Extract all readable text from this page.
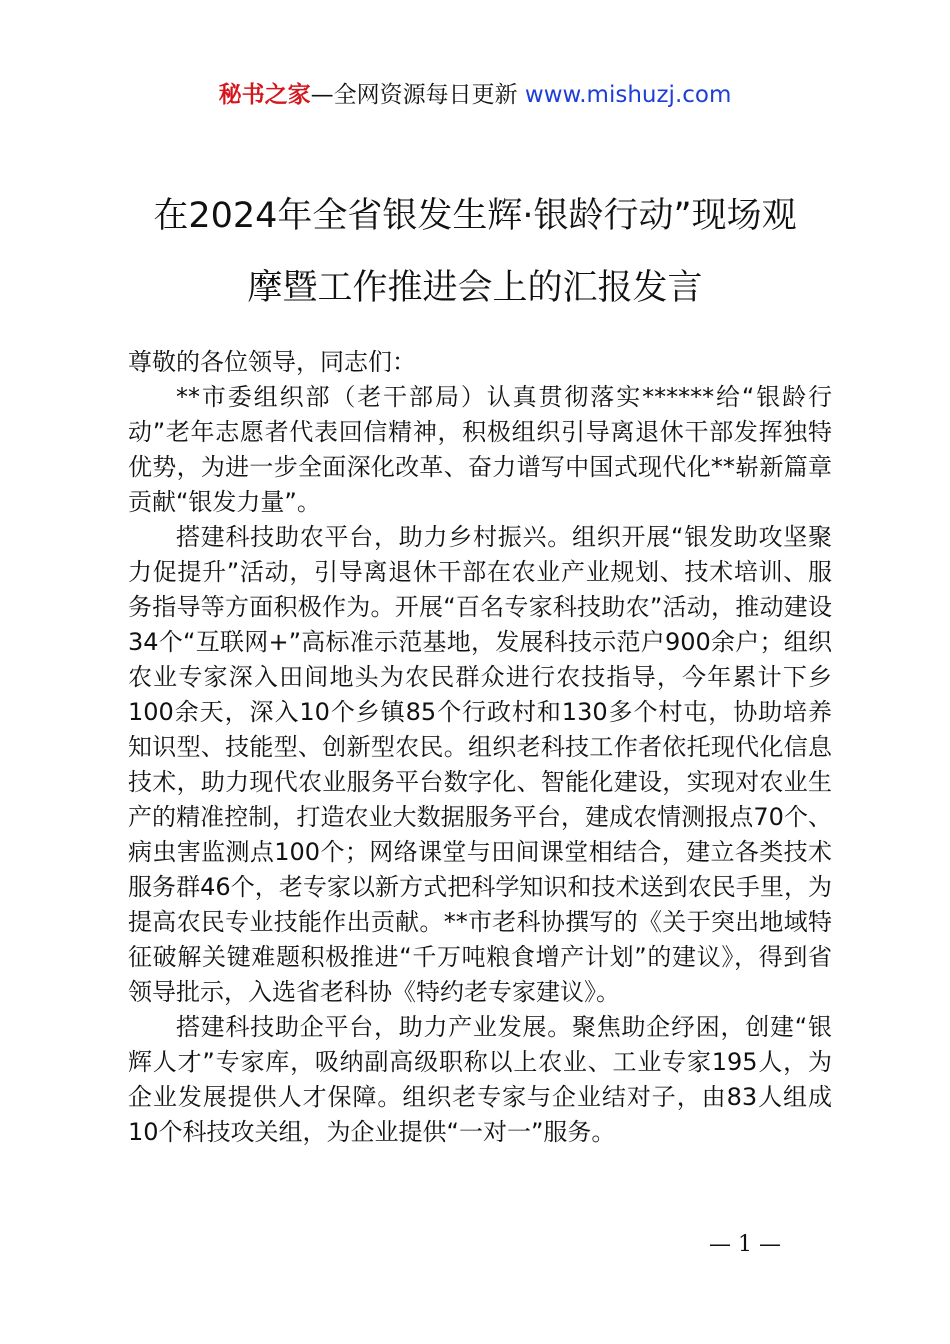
秘书之家—全网资源每日更新 www.mishuzj.com
在2024年全省银发生辉·银龄行动”现场观
摩暨工作推进会上的汇报发言

尊敬的各位领导，同志们：

**市委组织部（老干部局）认真贯彻落实******给“银龄行动”老年志愿者代表回信精神，积极组织引导离退休干部发挥独特优势，为进一步全面深化改革、奋力谱写中国式现代化**崭新篇章贡献“银发力量”。

搭建科技助农平台，助力乡村振兴。组织开展“银发助攻坚聚力促提升”活动，引导离退休干部在农业产业规划、技术培训、服务指导等方面积极作为。开展“百名专家科技助农”活动，推动建设34个“互联网+”高标准示范基地，发展科技示范户900余户；组织农业专家深入田间地头为农民群众进行农技指导，今年累计下乡100余天，深入10个乡镇85个行政村和130多个村屯，协助培养知识型、技能型、创新型农民。组织老科技工作者依托现代化信息技术，助力现代农业服务平台数字化、智能化建设，实现对农业生产的精准控制，打造农业大数据服务平台，建成农情测报点70个、病虫害监测点100个；网络课堂与田间课堂相结合，建立各类技术服务群46个，老专家以新方式把科学知识和技术送到农民手里，为提高农民专业技能作出贡献。**市老科协撰写的《关于突出地域特征破解关键难题积极推进“千万吨粮食增产计划”的建议》，得到省领导批示，入选省老科协《特约老专家建议》。

搭建科技助企平台，助力产业发展。聚焦助企纾困，创建“银辉人才”专家库，吸纳副高级职称以上农业、工业专家195人，为企业发展提供人才保障。组织老专家与企业结对子，由83人组成10个科技攻关组，为企业提供“一对一”服务。

— 1 —
